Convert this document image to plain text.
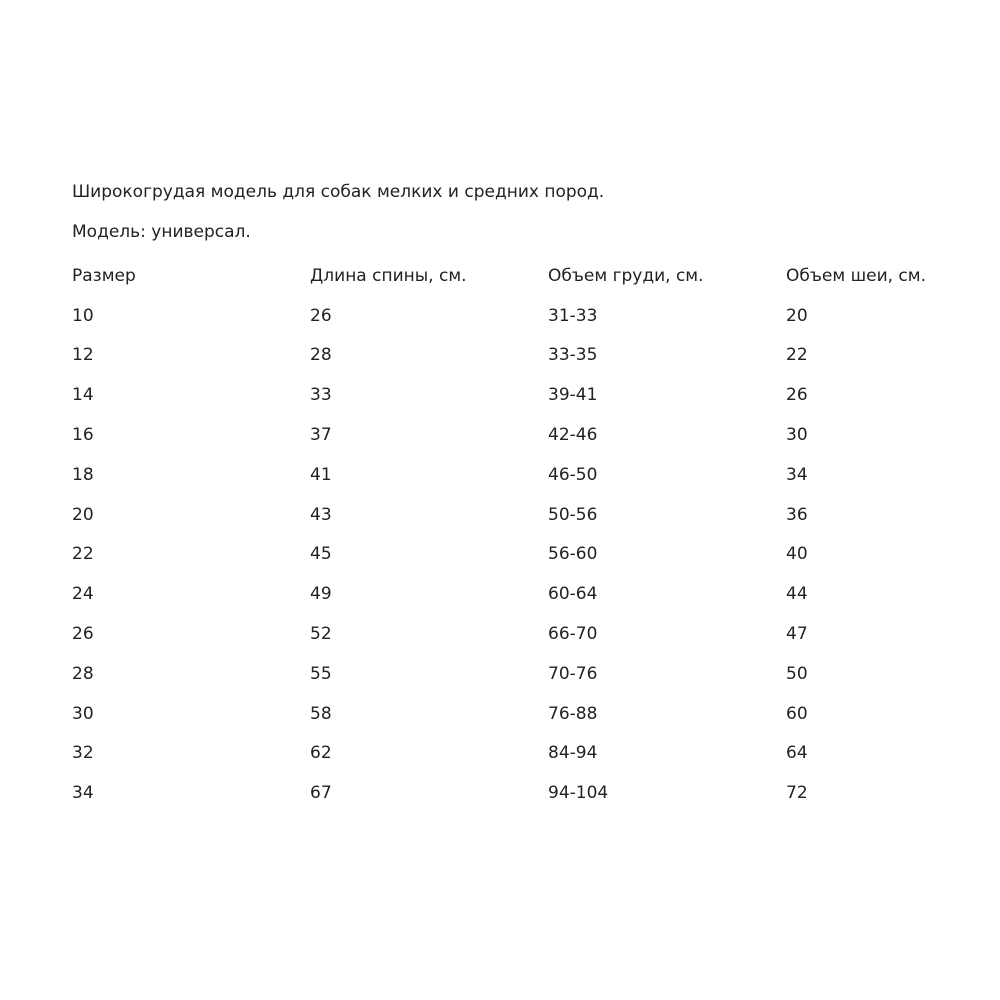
Широкогрудая модель для собак мелких и средних пород.

Модель: универсал.

Размер	Длина спины, см.	Объем груди, см.	Объем шеи, см.
10	26	31-33	20
12	28	33-35	22
14	33	39-41	26
16	37	42-46	30
18	41	46-50	34
20	43	50-56	36
22	45	56-60	40
24	49	60-64	44
26	52	66-70	47
28	55	70-76	50
30	58	76-88	60
32	62	84-94	64
34	67	94-104	72
